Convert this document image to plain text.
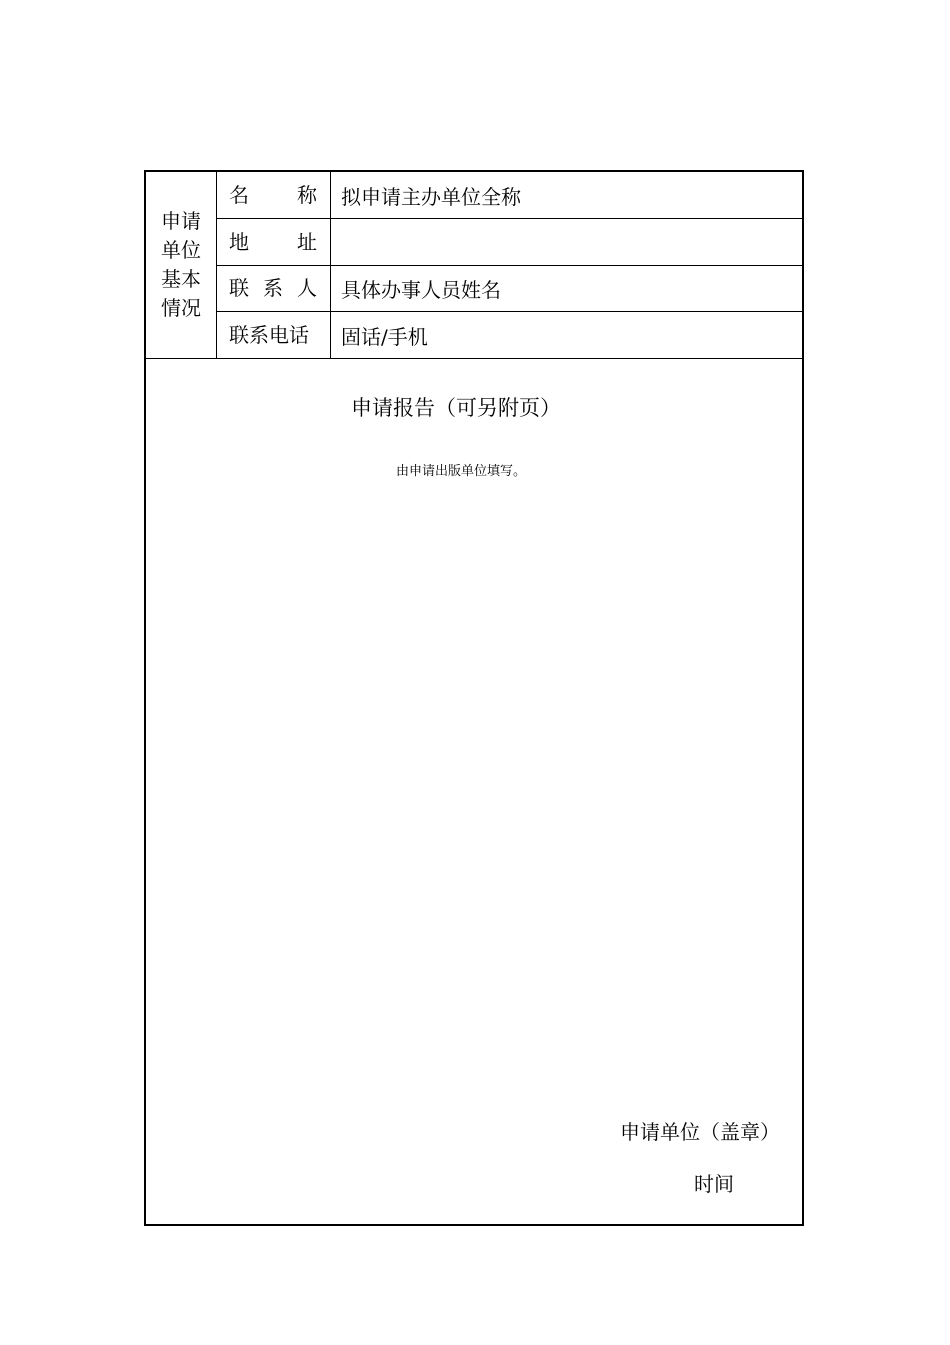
申请单位基本情况
名 称 拟申请主办单位全称
地 址
联 系 人 具体办事人员姓名
联系电话 固话/手机
申请报告（可另附页）
由申请出版单位填写。
申请单位（盖章）
时间
